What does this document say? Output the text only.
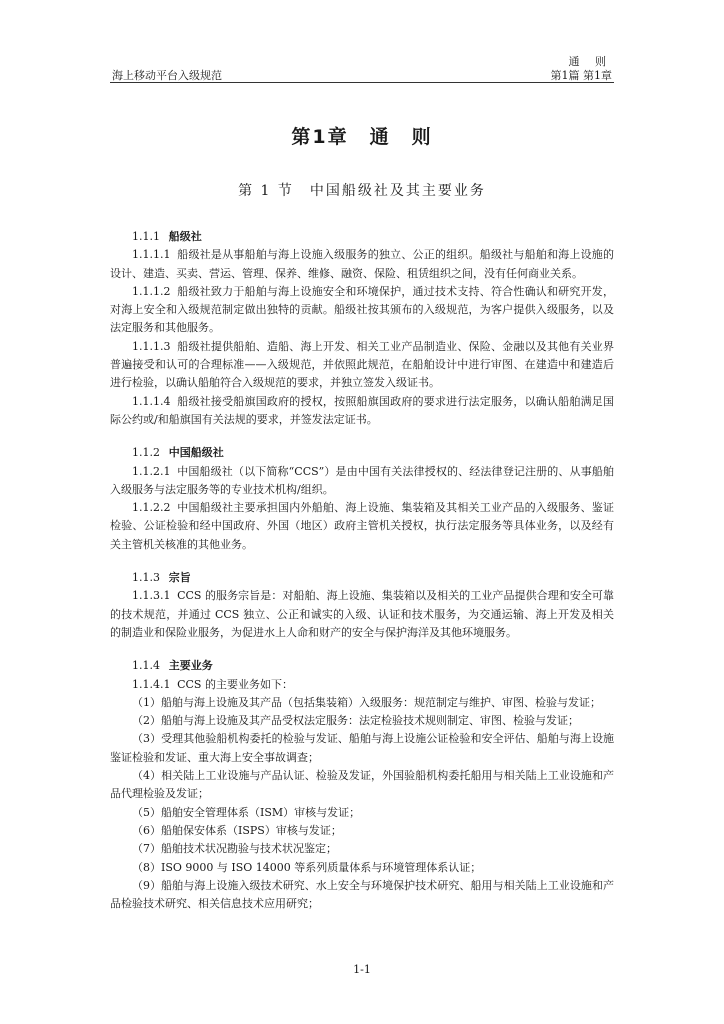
通 则
海上移动平台入级规范	第1篇 第1章
第1章　通　则
第 1 节　中国船级社及其主要业务
1.1.1 船级社

1.1.1.1 船级社是从事船舶与海上设施入级服务的独立、公正的组织。船级社与船舶和海上设施的设计、建造、买卖、营运、管理、保养、维修、融资、保险、租赁组织之间，没有任何商业关系。

1.1.1.2 船级社致力于船舶与海上设施安全和环境保护，通过技术支持、符合性确认和研究开发，对海上安全和入级规范制定做出独特的贡献。船级社按其颁布的入级规范，为客户提供入级服务，以及法定服务和其他服务。

1.1.1.3 船级社提供船舶、造船、海上开发、相关工业产品制造业、保险、金融以及其他有关业界普遍接受和认可的合理标准——入级规范，并依照此规范，在船舶设计中进行审图、在建造中和建造后进行检验，以确认船舶符合入级规范的要求，并独立签发入级证书。

1.1.1.4 船级社接受船旗国政府的授权，按照船旗国政府的要求进行法定服务，以确认船舶满足国际公约或/和船旗国有关法规的要求，并签发法定证书。

1.1.2 中国船级社

1.1.2.1 中国船级社（以下简称“CCS”）是由中国有关法律授权的、经法律登记注册的、从事船舶入级服务与法定服务等的专业技术机构/组织。

1.1.2.2 中国船级社主要承担国内外船舶、海上设施、集装箱及其相关工业产品的入级服务、鉴证检验、公证检验和经中国政府、外国（地区）政府主管机关授权，执行法定服务等具体业务，以及经有关主管机关核准的其他业务。

1.1.3 宗旨

1.1.3.1 CCS 的服务宗旨是：对船舶、海上设施、集装箱以及相关的工业产品提供合理和安全可靠的技术规范，并通过 CCS 独立、公正和诚实的入级、认证和技术服务，为交通运输、海上开发及相关的制造业和保险业服务，为促进水上人命和财产的安全与保护海洋及其他环境服务。

1.1.4 主要业务

1.1.4.1 CCS 的主要业务如下：

（1）船舶与海上设施及其产品（包括集装箱）入级服务：规范制定与维护、审图、检验与发证；

（2）船舶与海上设施及其产品受权法定服务：法定检验技术规则制定、审图、检验与发证；

（3）受理其他验船机构委托的检验与发证、船舶与海上设施公证检验和安全评估、船舶与海上设施鉴证检验和发证、重大海上安全事故调查；

（4）相关陆上工业设施与产品认证、检验及发证，外国验船机构委托船用与相关陆上工业设施和产品代理检验及发证；

（5）船舶安全管理体系（ISM）审核与发证；

（6）船舶保安体系（ISPS）审核与发证；

（7）船舶技术状况勘验与技术状况鉴定；

（8）ISO 9000 与 ISO 14000 等系列质量体系与环境管理体系认证；

（9）船舶与海上设施入级技术研究、水上安全与环境保护技术研究、船用与相关陆上工业设施和产品检验技术研究、相关信息技术应用研究；

1-1
